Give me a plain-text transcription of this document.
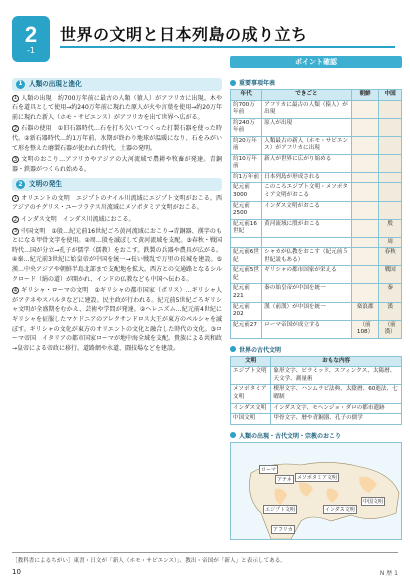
2
-1
世界の文明と日本列島の成り立ち
ポイント確認
1 人類の出現と進化
1 人類の出現　約700万年前に最古の人類（猿人）がアフリカに出現。木や石を道具として使用→約240万年前に現れた原人が火や言葉を使用→約20万年前に現れた新人（ホモ・サピエンス）がアフリカを出て世界へ広がる。
2 石器の使用　①旧石器時代…石を打ち欠いてつくった打製石器を使った時代。②新石器時代…約1万年前、氷期が終わり地球が温暖になり、石をみがいて形を整えた磨製石器が使われた時代。土器の発明。
3 文明のおこり…アフリカやアジアの大河流域で農耕や牧畜が発達。青銅器・鉄器がつくられ始める。
2 文明の発生
1 オリエントの文明　エジプトのナイル川流域にエジプト文明がおこる。西アジアのチグリス・ユーフラテス川流域にメソポタミア文明がおこる。
2 インダス文明　インダス川流域におこる。
3 中国文明　①殷…紀元前16世紀ごろ黄河流域におこり→青銅器、漢字のもとになる甲骨文字を使用。②周…殷を滅ぼして黄河流域を支配。③春秋・戦国時代…国が分立→孔子が儒学（儒教）をおこす。鉄製の兵器や農具が広がる。④秦…紀元前3世紀に始皇帝が中国を統一→長い戦乱で万里の長城を建設。⑤漢…中央アジアや朝鮮半島北部まで支配地を拡大。西方との交通路となるシルクロード（絹の道）が開かれ、インドの仏教なども中国へ伝わる。
4 ギリシャ・ローマの文明　①ギリシャの都市国家（ポリス）…ギリシャ人がアテネやスパルタなどに建設。民主政が行われる。紀元前5世紀ごろギリシャ文明が全盛期をむかえ、芸術や学問が発達。②ヘレニズム…紀元前4世紀にギリシャを征服したマケドニアのアレクサンドロス大王が東方のペルシャを滅ぼす。ギリシャの文化が東方のオリエントの文化と融合した時代の文化。③ローマ帝国　イタリアの都市国家ローマが地中海全域を支配。貴族による共和政→皇帝による帝政に移行。道路網や水道、闘技場などを建設。
重要事項年表
年代	できごと	朝鮮	中国
約700万年前	アフリカに最古の人類（猿人）が出現		
約240万年前	原人が出現		
約20万年前	人類最古の新人（ホモ・サピエンス）がアフリカに出現		
約10万年前	新人が世界に広がり始める		
約1万年前	日本列島が形成される		
紀元前3000	このころエジプト文明・メソポタミア文明がおこる		
紀元前2500	インダス文明がおこる		
紀元前16世紀	黄河流域に殷がおこる		殷
			周
紀元前6世紀	シャカが仏教をおこす（紀元前５世紀説もある）		春秋
紀元前5世紀	ギリシャの都市国家が栄える		戦国
紀元前221	秦の始皇帝が中国を統一		秦
紀元前202	漢（前漢）が中国を統一	楽浪郡	漢
紀元前27	ローマ帝国が成立する	（前108）	（前漢）
世界の古代文明
文明	おもな内容
エジプト文明	象形文字、ピラミッド、スフィンクス、太陽暦、天文学、測量術
メソポタミア文明	楔形文字、ハンムラビ法典、太陰暦、60進法、七曜制
インダス文明	インダス文字、モヘンジョ・ダロの都市遺跡
中国文明	甲骨文字、暦や青銅器、孔子の儒学
人類の出現・古代文明・宗教のおこり
ローマ
アテネ	メソポタミア文明
エジプト文明	インダス文明
中国文明
アフリカ
［教科書によるちがい］東書・日文が「新人（ホモ・サピエンス）」、教出・帝国が「新人」と表示してある。
10	N 歴 1
